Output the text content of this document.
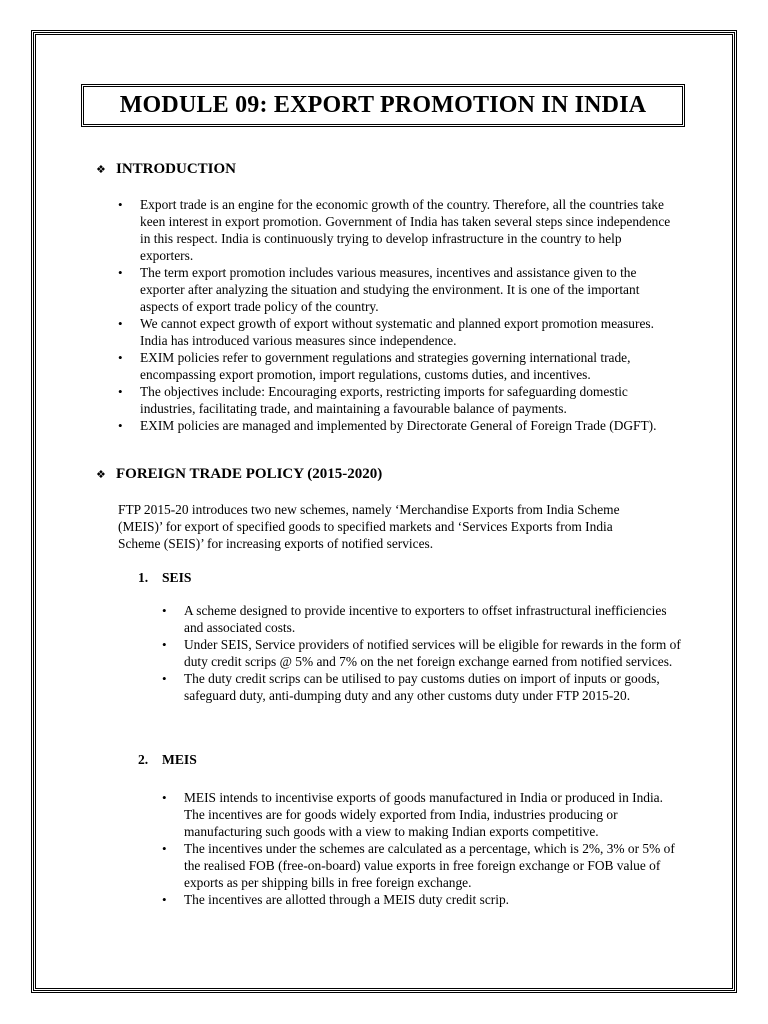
MODULE 09: EXPORT PROMOTION IN INDIA
❖ INTRODUCTION
• Export trade is an engine for the economic growth of the country. Therefore, all the countries take keen interest in export promotion. Government of India has taken several steps since independence in this respect. India is continuously trying to develop infrastructure in the country to help exporters.
• The term export promotion includes various measures, incentives and assistance given to the exporter after analyzing the situation and studying the environment. It is one of the important aspects of export trade policy of the country.
• We cannot expect growth of export without systematic and planned export promotion measures. India has introduced various measures since independence.
• EXIM policies refer to government regulations and strategies governing international trade, encompassing export promotion, import regulations, customs duties, and incentives.
• The objectives include: Encouraging exports, restricting imports for safeguarding domestic industries, facilitating trade, and maintaining a favourable balance of payments.
• EXIM policies are managed and implemented by Directorate General of Foreign Trade (DGFT).
❖ FOREIGN TRADE POLICY (2015-2020)

FTP 2015-20 introduces two new schemes, namely ‘Merchandise Exports from India Scheme (MEIS)’ for export of specified goods to specified markets and ‘Services Exports from India Scheme (SEIS)’ for increasing exports of notified services.

1. SEIS
• A scheme designed to provide incentive to exporters to offset infrastructural inefficiencies and associated costs.
• Under SEIS, Service providers of notified services will be eligible for rewards in the form of duty credit scrips @ 5% and 7% on the net foreign exchange earned from notified services.
• The duty credit scrips can be utilised to pay customs duties on import of inputs or goods, safeguard duty, anti-dumping duty and any other customs duty under FTP 2015-20.
2. MEIS
• MEIS intends to incentivise exports of goods manufactured in India or produced in India. The incentives are for goods widely exported from India, industries producing or manufacturing such goods with a view to making Indian exports competitive.
• The incentives under the schemes are calculated as a percentage, which is 2%, 3% or 5% of the realised FOB (free-on-board) value exports in free foreign exchange or FOB value of exports as per shipping bills in free foreign exchange.
• The incentives are allotted through a MEIS duty credit scrip.
